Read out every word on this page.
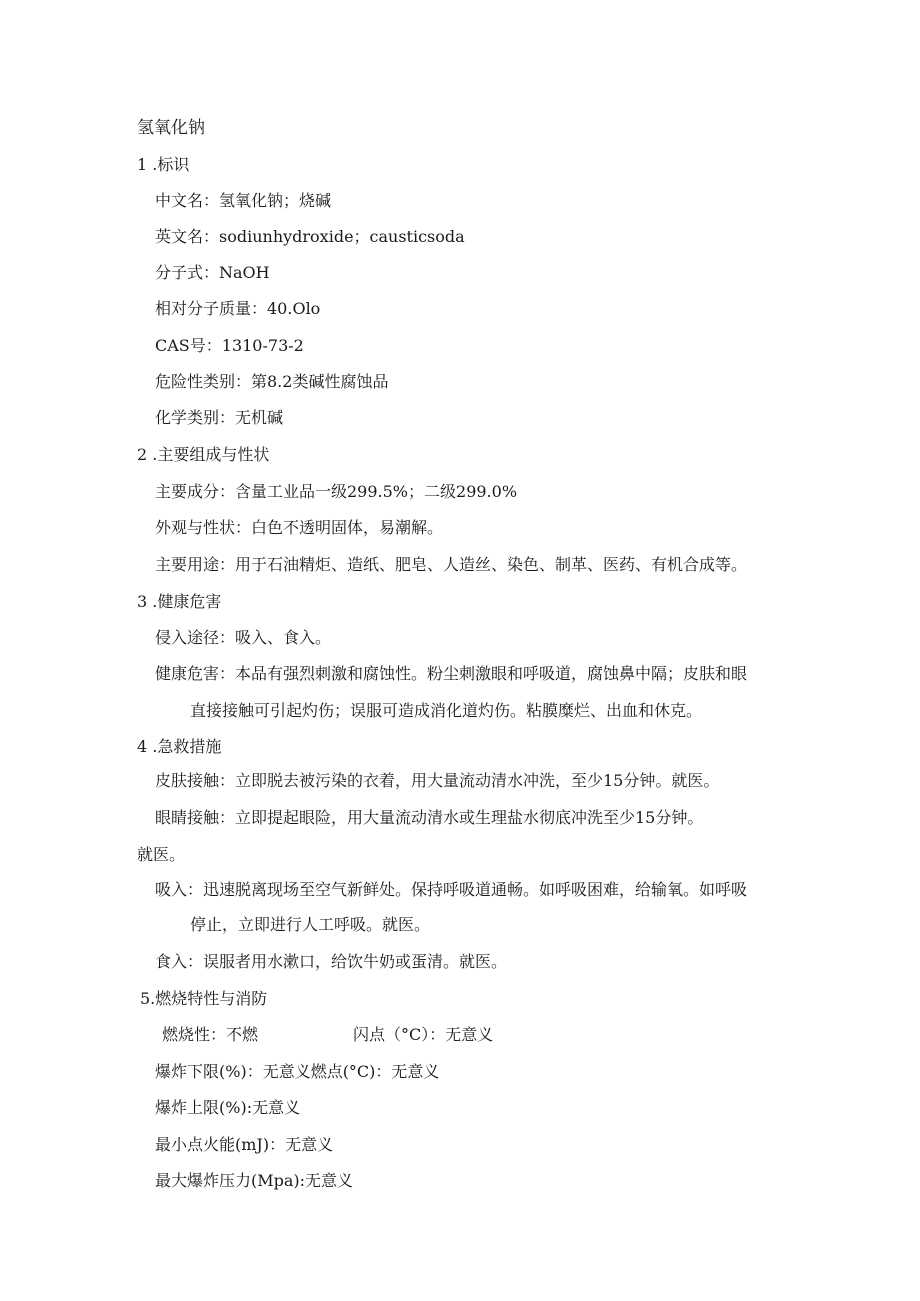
氢氧化钠
1 .标识
中文名：氢氧化钠；烧碱
英文名：sodiunhydroxide；causticsoda
分子式：NaOH
相对分子质量：40.Olo
CAS号：1310-73-2
危险性类别：第8.2类碱性腐蚀品
化学类别：无机碱
2 .主要组成与性状
主要成分：含量工业品一级299.5%；二级299.0%
外观与性状：白色不透明固体，易潮解。
主要用途：用于石油精炬、造纸、肥皂、人造丝、染色、制革、医药、有机合成等。
3 .健康危害
侵入途径：吸入、食入。
健康危害：本品有强烈刺激和腐蚀性。粉尘刺激眼和呼吸道，腐蚀鼻中隔；皮肤和眼
直接接触可引起灼伤；误服可造成消化道灼伤。粘膜糜烂、出血和休克。
4 .急救措施
皮肤接触：立即脱去被污染的衣着，用大量流动清水冲洗，至少15分钟。就医。
眼睛接触：立即提起眼险，用大量流动清水或生理盐水彻底冲洗至少15分钟。
就医。
吸入：迅速脱离现场至空气新鲜处。保持呼吸道通畅。如呼吸困难，给输氧。如呼吸
停止，立即进行人工呼吸。就医。
食入：误服者用水漱口，给饮牛奶或蛋清。就医。
5.燃烧特性与消防
燃烧性：不燃	闪点（°C）：无意义
爆炸下限(%)：无意义燃点(°C)：无意义
爆炸上限(%):无意义
最小点火能(mJ)：无意义
最大爆炸压力(Mpa):无意义
